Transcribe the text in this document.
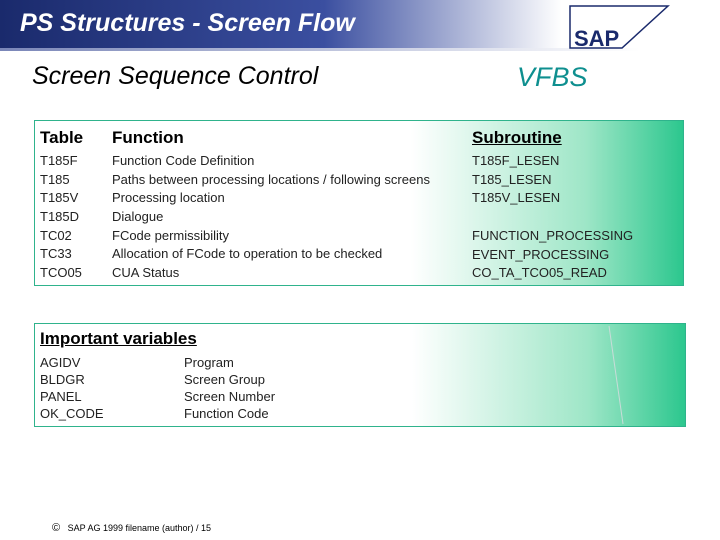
PS Structures - Screen Flow
SAP
Screen Sequence Control	VFBS
Table Function	Subroutine
T185F
T185
T185V
T185D
TC02
TC33
TCO05
Function Code Definition
Paths between processing locations / following screens
Processing location
Dialogue
FCode permissibility
Allocation of FCode to operation to be checked
CUA Status
T185F_LESEN
T185_LESEN
T185V_LESEN
FUNCTION_PROCESSING
EVENT_PROCESSING
CO_TA_TCO05_READ
Important variables
AGIDV
BLDGR
PANEL
OK_CODE
Program
Screen Group
Screen Number
Function Code
© SAP AG 1999 filename (author) / 15
